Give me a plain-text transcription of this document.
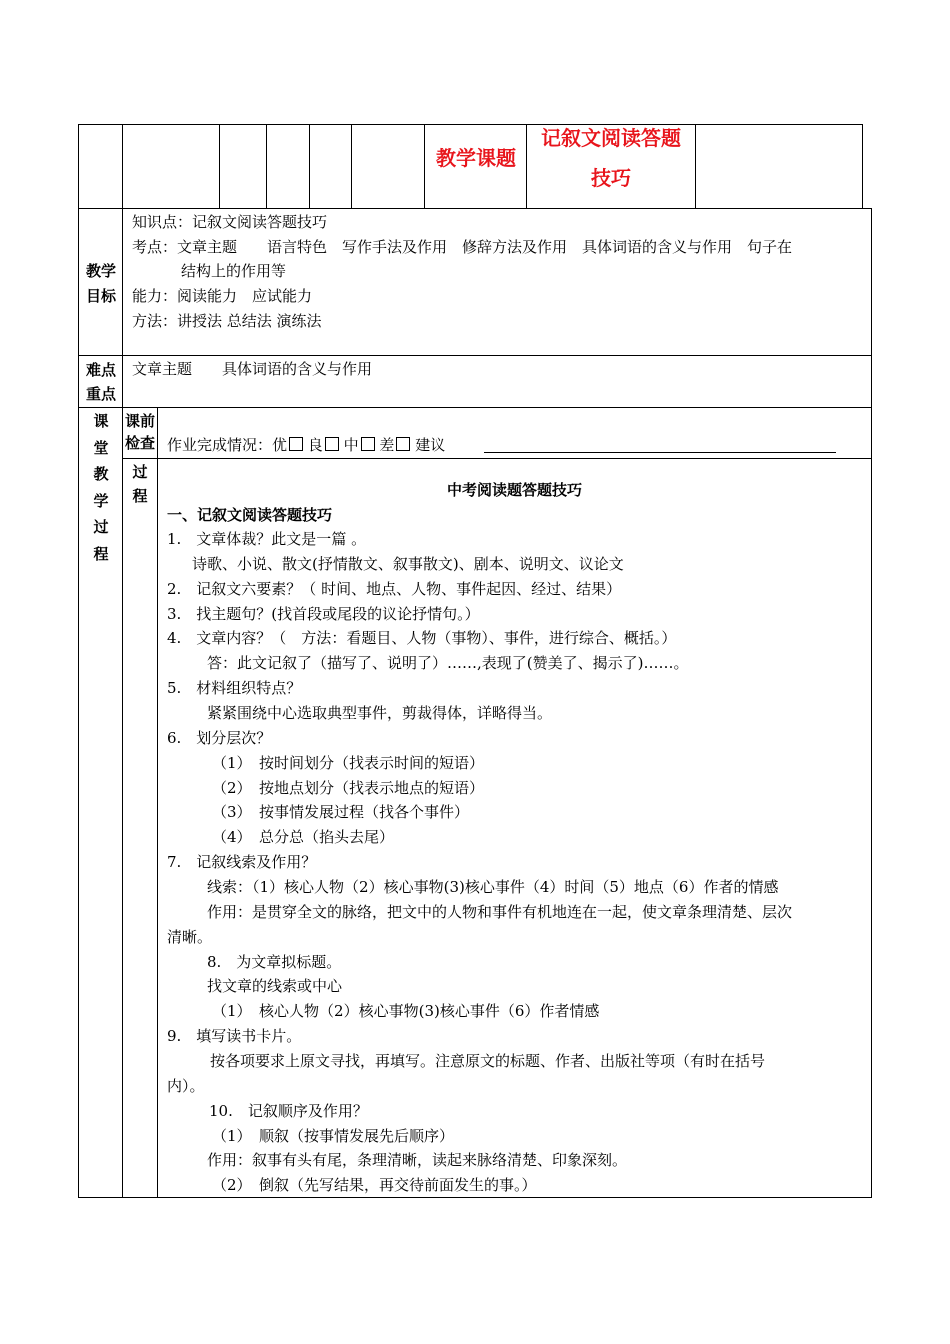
教学课题
记叙文阅读答题
技巧
教学
目标
知识点：记叙文阅读答题技巧
考点：文章主题　　语言特色　写作手法及作用　修辞方法及作用　具体词语的含义与作用　句子在
结构上的作用等
能力：阅读能力　应试能力
方法：讲授法 总结法 演练法
难点
重点
文章主题　　具体词语的含义与作用
课
堂
教
学
过
程
课前
检查 作业完成情况：优 良 中 差 建议
过
程	中考阅读题答题技巧
一、记叙文阅读答题技巧
1.　文章体裁？此文是一篇 。
诗歌、小说、散文(抒情散文、叙事散文)、剧本、说明文、议论文
2.　记叙文六要素？（ 时间、地点、人物、事件起因、经过、结果）
3.　找主题句？(找首段或尾段的议论抒情句。）
4.　文章内容？（　方法：看题目、人物（事物）、事件，进行综合、概括。）
答：此文记叙了（描写了、说明了）……,表现了(赞美了、揭示了)……。
5.　材料组织特点？
紧紧围绕中心选取典型事件，剪裁得体，详略得当。
6.　划分层次？
（1）　按时间划分（找表示时间的短语）
（2）　按地点划分（找表示地点的短语）
（3）　按事情发展过程（找各个事件）
（4）　总分总（掐头去尾）
7.　记叙线索及作用？
线索：（1）核心人物（2）核心事物(3)核心事件（4）时间（5）地点（6）作者的情感
作用：是贯穿全文的脉络，把文中的人物和事件有机地连在一起，使文章条理清楚、层次
清晰。
8.　为文章拟标题。
找文章的线索或中心
（1）　核心人物（2）核心事物(3)核心事件（6）作者情感
9.　填写读书卡片。
按各项要求上原文寻找，再填写。注意原文的标题、作者、出版社等项（有时在括号
内）。
10.　记叙顺序及作用？
（1）　顺叙（按事情发展先后顺序）
作用：叙事有头有尾，条理清晰，读起来脉络清楚、印象深刻。
（2）　倒叙（先写结果，再交待前面发生的事。）
